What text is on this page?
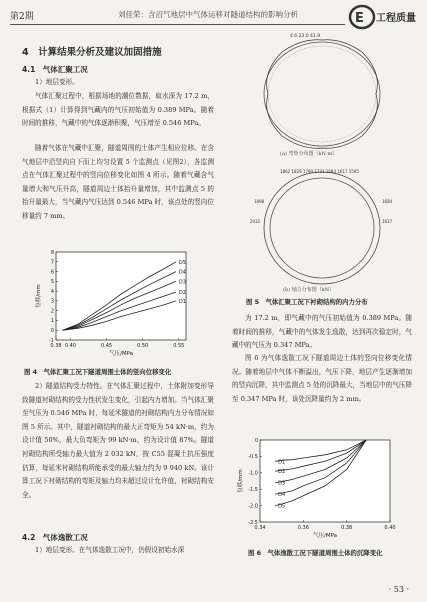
第2期	刘佳荣：含沼气地层中气体运移对隧道结构的影响分析	E 工程质量
4　计算结果分析及建议加固措施
4.1　气体汇聚工况

1）地层变形。

气体汇聚过程中，根据场地的潮位数据，取水深为 17.2 m，根据式（1）计算得到气藏内的气压初始值为 0.389 MPa。随着时间的推移，气藏中的气体逐渐积聚，气压增至 0.546 MPa。

随着气体在气藏中汇聚，隧道周围的土体产生相应位移。在含气地层中沿竖向自下而上均匀设置 5 个监测点（见图2），各监测点在气体汇聚过程中的竖向位移变化如图 4 所示。随着气藏含气量增大和气压升高，隧道周边土体抬升量增加，其中监测点 5 的抬升量最大，当气藏内气压达到 0.546 MPa 时，该点处的竖向位移量约 7 mm。

0.38 0.40	0.45	0.50	0.55
-1
0
1
2
3
4
5
6
7
8
气压/MPa
位移/mm	D1
D2
D3
D4
D5
图 4　气体汇聚工况下隧道周围土体的竖向位移变化

2）隧道结构受力特性。在气体汇聚过程中，土体附加变形导致隧道衬砌结构的受力性状发生变化，引起内力增加。当气体汇聚至气压为 0.546 MPa 时，每延米隧道的衬砌结构内力分布情况如图 5 所示。其中，隧道衬砌结构的最大正弯矩为 54 kN·m，约为设计值 50%，最大负弯矩为 99 kN·m，约为设计值 87%。隧道衬砌结构所受轴力最大值为 2 032 kN，按 C55 混凝土抗压强度估算，每延米衬砌结构所能承受的最大轴力约为 9 940 kN。该计算工况下衬砌结构的弯矩及轴力均未超过设计允许值，衬砌结构安全。

4.2　气体逸散工况

1）地层变形。在气体逸散工况中，仍假设初始水深

4.6 23.0 41.9
(a) 弯矩分布图（kN·m）
1862 1829 1790 1731 1684 1617 1595
1898
2032
1684
1617
(b) 轴力分布图（kN）
图 5　气体汇聚工况下衬砌结构的内力分布

为 17.2 m，即气藏中的气压初始值为 0.389 MPa。随着时间的推移，气藏中的气体发生逸散，达到再次稳定时，气藏中的气压为 0.347 MPa。

图 6 为气体逸散工况下隧道周边土体的竖向位移变化情况。随着地层中气体不断溢出，气压下降，地层产生逐渐增加的竖向沉降，其中监测点 5 处的沉降最大，当地层中的气压降至 0.347 MPa 时，该处沉降量约为 2 mm。

0.34	0.36	0.38	0.40
-2.5
-2.0
-1.5
-1.0
-0.5
0
气压/MPa
位移/mm
D1
D2
D3
D4
D5
图 6　气体逸散工况下隧道周围土体的沉降变化
· 53 ·
